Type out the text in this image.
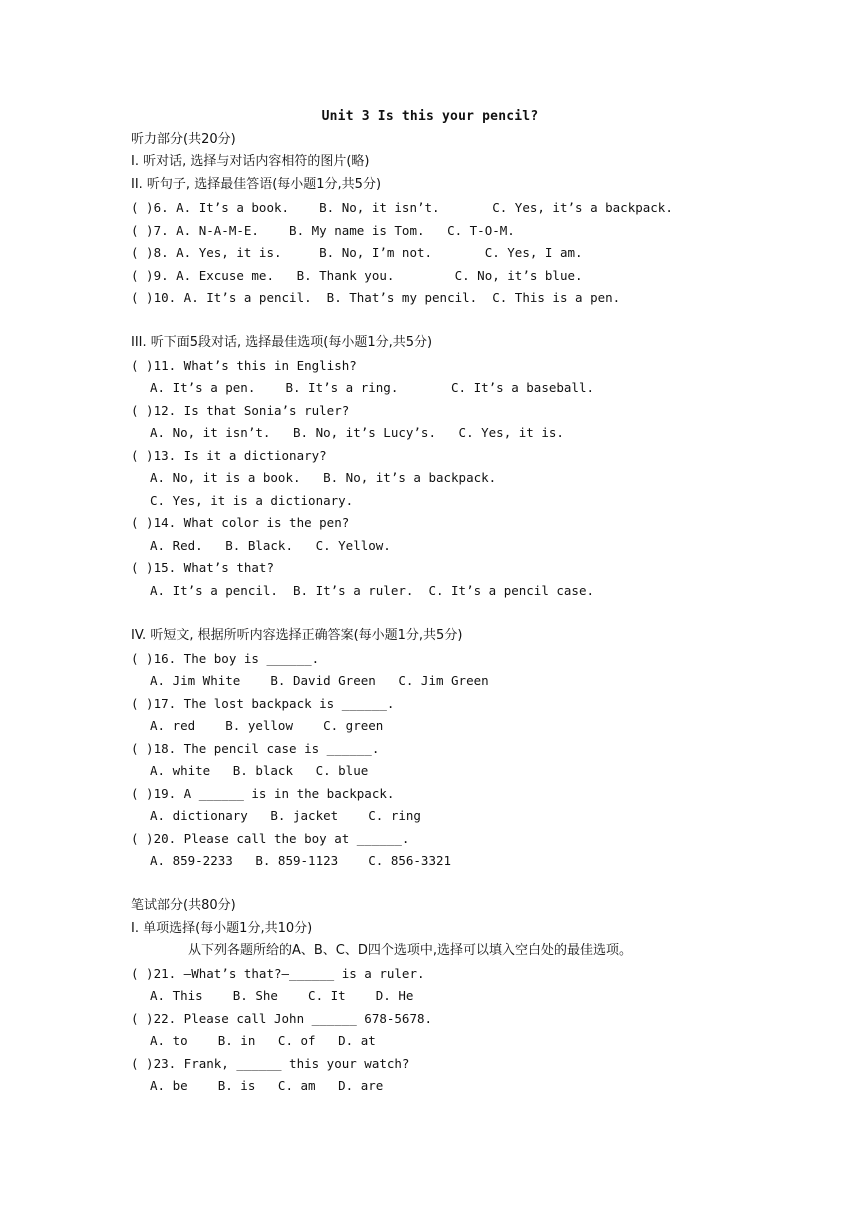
Unit 3 Is this your pencil?
听力部分(共20分)
I. 听对话, 选择与对话内容相符的图片(略)
II. 听句子, 选择最佳答语(每小题1分,共5分)
( )6. A. It’s a book.    B. No, it isn’t.       C. Yes, it’s a backpack.
( )7. A. N-A-M-E.    B. My name is Tom.   C. T-O-M.
( )8. A. Yes, it is.     B. No, I’m not.       C. Yes, I am.
( )9. A. Excuse me.   B. Thank you.        C. No, it’s blue.
( )10. A. It’s a pencil.  B. That’s my pencil.  C. This is a pen.
III. 听下面5段对话, 选择最佳选项(每小题1分,共5分)
( )11. What’s this in English?
A. It’s a pen.    B. It’s a ring.       C. It’s a baseball.
( )12. Is that Sonia’s ruler?
A. No, it isn’t.   B. No, it’s Lucy’s.   C. Yes, it is.
( )13. Is it a dictionary?
A. No, it is a book.   B. No, it’s a backpack.
C. Yes, it is a dictionary.
( )14. What color is the pen?
A. Red.   B. Black.   C. Yellow.
( )15. What’s that?
A. It’s a pencil.  B. It’s a ruler.  C. It’s a pencil case.
IV. 听短文, 根据所听内容选择正确答案(每小题1分,共5分)
( )16. The boy is ______.
A. Jim White    B. David Green   C. Jim Green
( )17. The lost backpack is ______.
A. red    B. yellow    C. green
( )18. The pencil case is ______.
A. white   B. black   C. blue
( )19. A ______ is in the backpack.
A. dictionary   B. jacket    C. ring
( )20. Please call the boy at ______.
A. 859-2233   B. 859-1123    C. 856-3321
笔试部分(共80分)
I. 单项选择(每小题1分,共10分)
从下列各题所给的A、B、C、D四个选项中,选择可以填入空白处的最佳选项。
( )21. —What’s that?—______ is a ruler.
A. This    B. She    C. It    D. He
( )22. Please call John ______ 678-5678.
A. to    B. in   C. of   D. at
( )23. Frank, ______ this your watch?
A. be    B. is   C. am   D. are
